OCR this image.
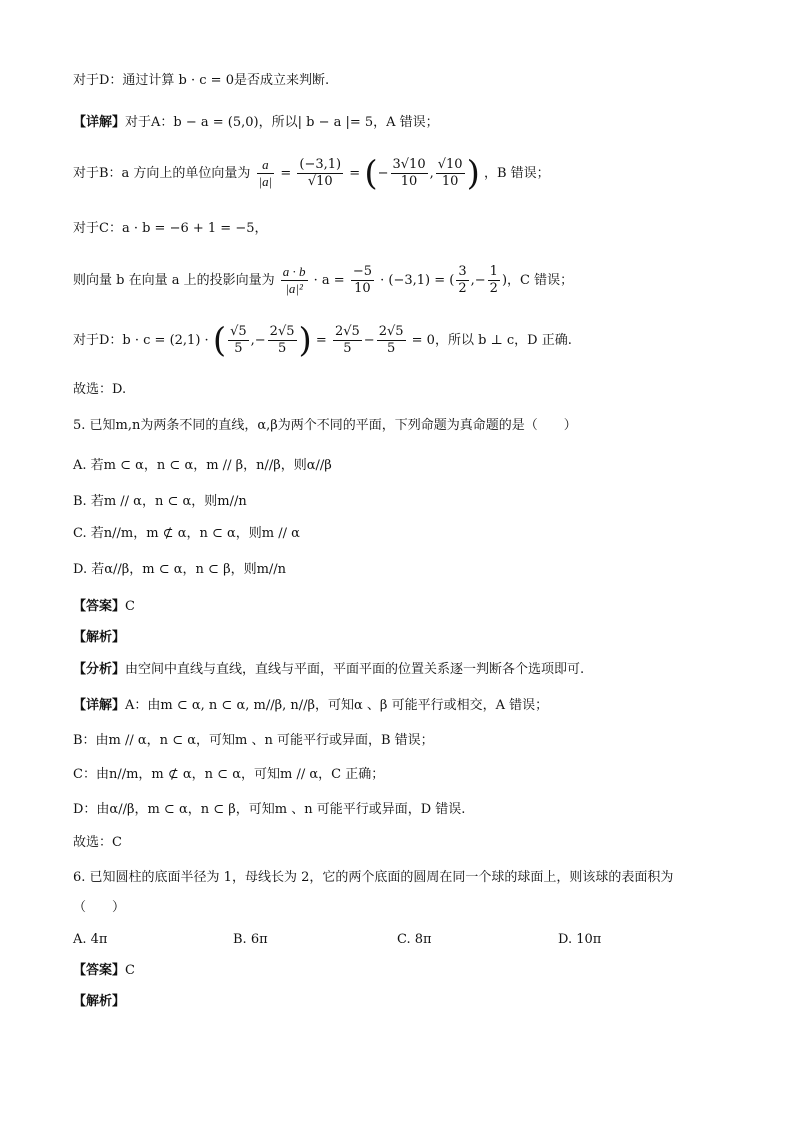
对于D：通过计算 b · c = 0是否成立来判断.
【详解】对于A：b − a = (5,0)，所以| b − a |= 5，A 错误；
对于B：a 方向上的单位向量为 $\frac{a}{|a|} = \frac{(-3,1)}{√10}$ = (− $\frac{3√10}{10}$ , $\frac{√10}{10}$ ) ，B 错误；
对于C：a · b = −6 + 1 = −5，
则向量 b 在向量 a 上的投影向量为 $\frac{a \cdot b}{\text{|a|²}} \cdot a = \frac{-5}{10} \cdot (-3,1)$ = ( $\frac{3}{2}$ ,− $\frac{1}{2}$ )，C 错误；
对于D：b · c = (2,1) · ( $\frac{√5}{5}$ ,− $\frac{2√5}{5}$ ) = $\frac{2√5}{5} - \frac{2√5}{5} = 0$，所以 b ⊥ c，D 正确.
故选：D.
5. 已知m,n为两条不同的直线，α,β为两个不同的平面，下列命题为真命题的是（　　）
A. 若m ⊂ α，n ⊂ α，m // β，n//β，则α//β
B. 若m // α，n ⊂ α，则m//n
C. 若n//m，m ⊄ α，n ⊂ α，则m // α
D. 若α//β，m ⊂ α，n ⊂ β，则m//n
【答案】C
【解析】
【分析】由空间中直线与直线，直线与平面，平面平面的位置关系逐一判断各个选项即可.
【详解】A：由m ⊂ α, n ⊂ α, m//β, n//β，可知α 、β 可能平行或相交，A 错误；
B：由m // α，n ⊂ α，可知m 、n 可能平行或异面，B 错误；
C：由n//m，m ⊄ α，n ⊂ α，可知m // α，C 正确；
D：由α//β，m ⊂ α，n ⊂ β，可知m 、n 可能平行或异面，D 错误.
故选：C
6. 已知圆柱的底面半径为 1，母线长为 2，它的两个底面的圆周在同一个球的球面上，则该球的表面积为
（　　）
A. 4π	B. 6π	C. 8π	D. 10π
【答案】C
【解析】
